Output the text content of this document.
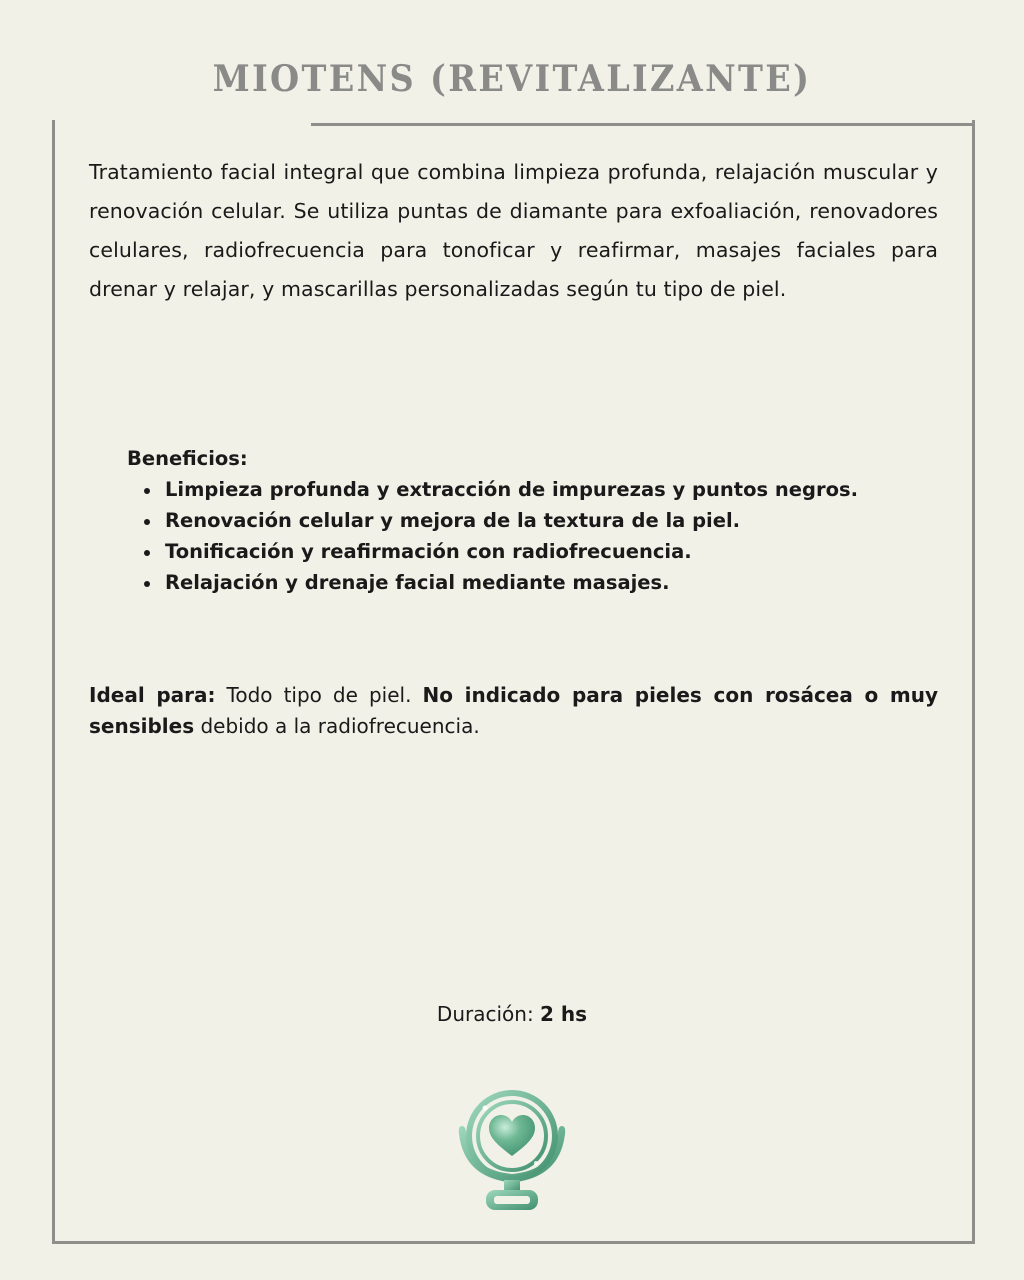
MIOTENS (REVITALIZANTE)

Tratamiento facial integral que combina limpieza profunda, relajación muscular y renovación celular. Se utiliza puntas de diamante para exfoaliación, renovadores celulares, radiofrecuencia para tonoficar y reafirmar, masajes faciales para drenar y relajar, y mascarillas personalizadas según tu tipo de piel.

Beneficios:
Limpieza profunda y extracción de impurezas y puntos negros.
Renovación celular y mejora de la textura de la piel.
Tonificación y reafirmación con radiofrecuencia.
Relajación y drenaje facial mediante masajes.

Ideal para: Todo tipo de piel. No indicado para pieles con rosácea o muy sensibles debido a la radiofrecuencia.

Duración: 2 hs
